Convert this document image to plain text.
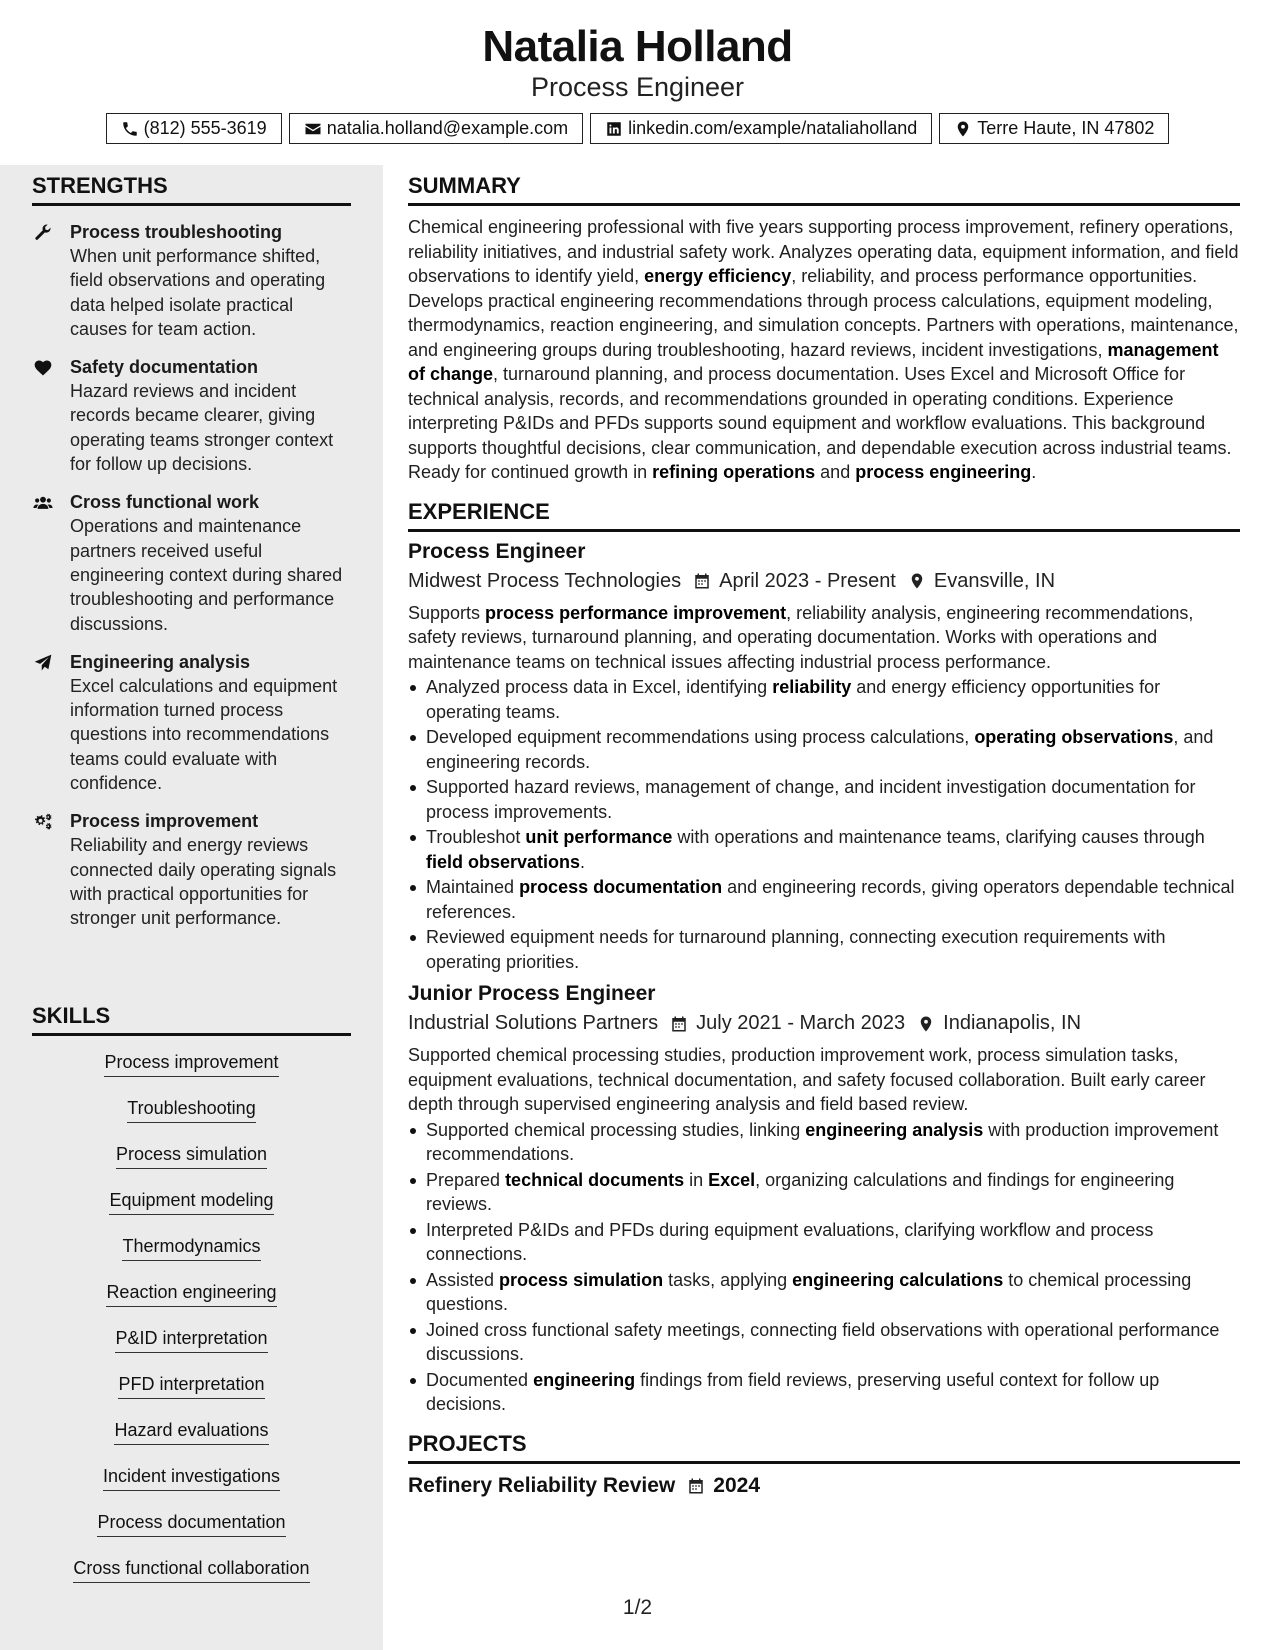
Natalia Holland
Process Engineer
(812) 555-3619	natalia.holland@example.com	linkedin.com/example/nataliaholland	Terre Haute, IN 47802
STRENGTHS
Process troubleshooting
When unit performance shifted, field observations and operating data helped isolate practical causes for team action.
Safety documentation
Hazard reviews and incident records became clearer, giving operating teams stronger context for follow up decisions.
Cross functional work
Operations and maintenance partners received useful engineering context during shared troubleshooting and performance discussions.
Engineering analysis
Excel calculations and equipment information turned process questions into recommendations teams could evaluate with confidence.
Process improvement
Reliability and energy reviews connected daily operating signals with practical opportunities for stronger unit performance.
SKILLS
Process improvement
Troubleshooting
Process simulation
Equipment modeling
Thermodynamics
Reaction engineering
P&ID interpretation
PFD interpretation
Hazard evaluations
Incident investigations
Process documentation
Cross functional collaboration
SUMMARY
Chemical engineering professional with five years supporting process improvement, refinery operations, reliability initiatives, and industrial safety work. Analyzes operating data, equipment information, and field observations to identify yield, energy efficiency, reliability, and process performance opportunities. Develops practical engineering recommendations through process calculations, equipment modeling, thermodynamics, reaction engineering, and simulation concepts. Partners with operations, maintenance, and engineering groups during troubleshooting, hazard reviews, incident investigations, management of change, turnaround planning, and process documentation. Uses Excel and Microsoft Office for technical analysis, records, and recommendations grounded in operating conditions. Experience interpreting P&IDs and PFDs supports sound equipment and workflow evaluations. This background supports thoughtful decisions, clear communication, and dependable execution across industrial teams. Ready for continued growth in refining operations and process engineering.
EXPERIENCE
Process Engineer
Midwest Process Technologies April 2023 - Present Evansville, IN
Supports process performance improvement, reliability analysis, engineering recommendations, safety reviews, turnaround planning, and operating documentation. Works with operations and maintenance teams on technical issues affecting industrial process performance.
Analyzed process data in Excel, identifying reliability and energy efficiency opportunities for operating teams.
Developed equipment recommendations using process calculations, operating observations, and engineering records.
Supported hazard reviews, management of change, and incident investigation documentation for process improvements.
Troubleshot unit performance with operations and maintenance teams, clarifying causes through field observations.
Maintained process documentation and engineering records, giving operators dependable technical references.
Reviewed equipment needs for turnaround planning, connecting execution requirements with operating priorities.
Junior Process Engineer
Industrial Solutions Partners July 2021 - March 2023 Indianapolis, IN
Supported chemical processing studies, production improvement work, process simulation tasks, equipment evaluations, technical documentation, and safety focused collaboration. Built early career depth through supervised engineering analysis and field based review.
Supported chemical processing studies, linking engineering analysis with production improvement recommendations.
Prepared technical documents in Excel, organizing calculations and findings for engineering reviews.
Interpreted P&IDs and PFDs during equipment evaluations, clarifying workflow and process connections.
Assisted process simulation tasks, applying engineering calculations to chemical processing questions.
Joined cross functional safety meetings, connecting field observations with operational performance discussions.
Documented engineering findings from field reviews, preserving useful context for follow up decisions.
PROJECTS
Refinery Reliability Review 2024
1/2
